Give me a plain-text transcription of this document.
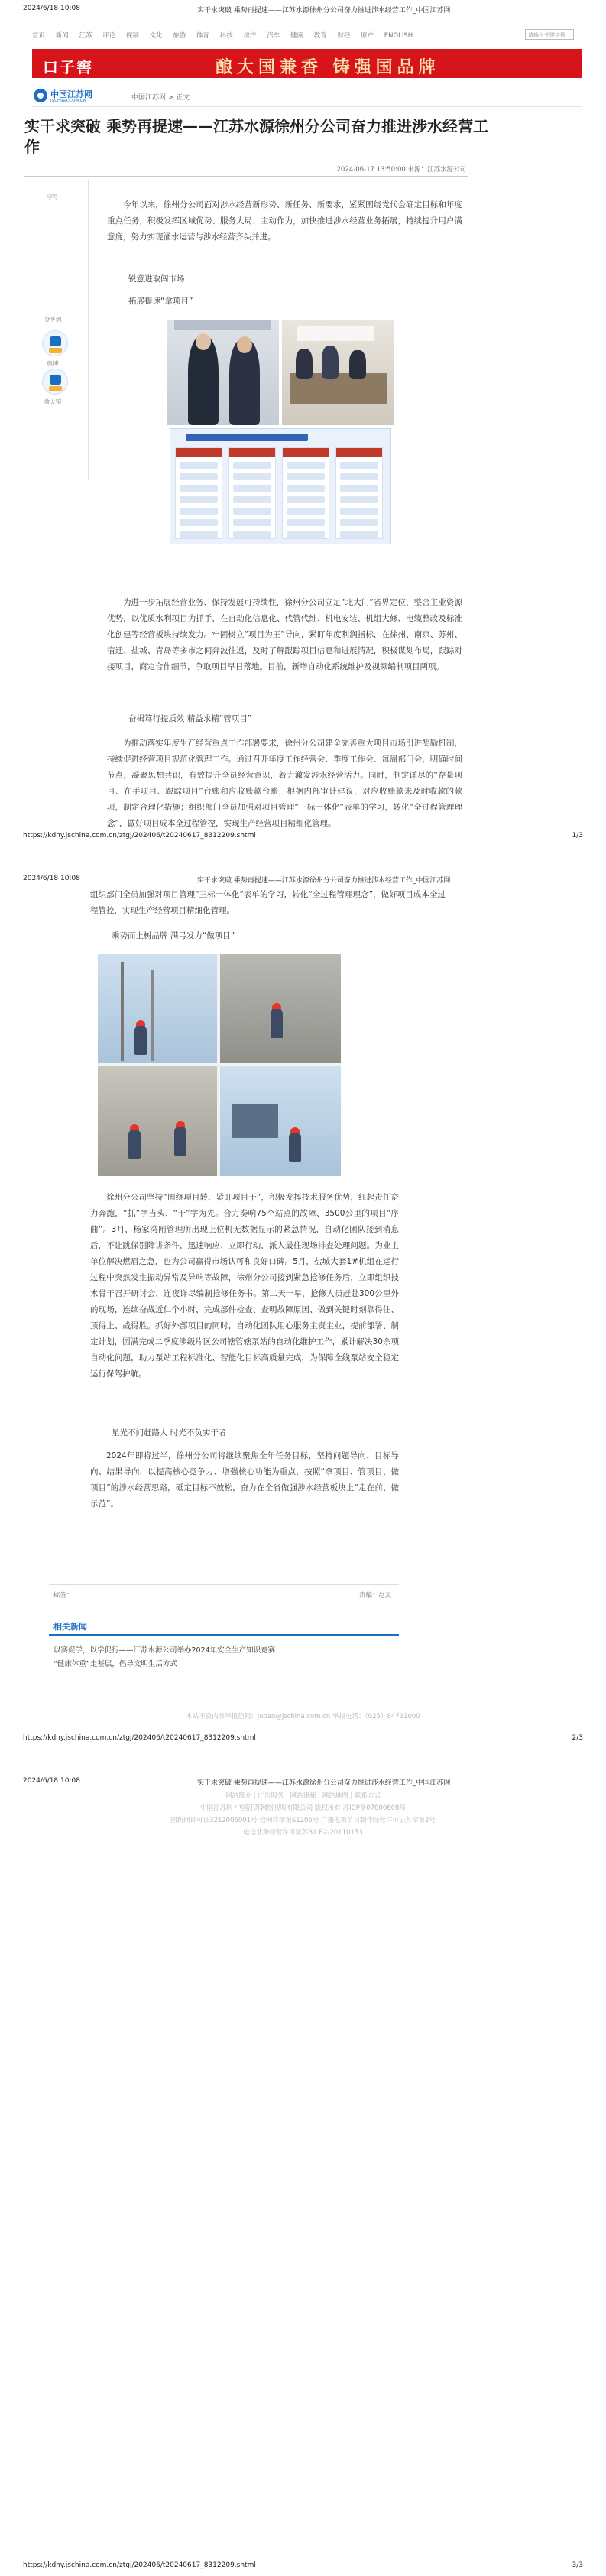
2024/6/18 10:08	实干求突破 乘势再提速——江苏水源徐州分公司奋力推进涉水经营工作_中国江苏网
首页 新闻 江苏 评论 视频 文化 旅游 体育 科技 房产 汽车 健康 教育 财经 原产 ENGLISH	请输入关键字搜
口子窖	酿大国兼香 铸强国品牌
中国江苏网
JSCHINA.COM.CN	中国江苏网 > 正文
实干求突破 乘势再提速——江苏水源徐州分公司奋力推进涉水经营工作
2024-06-17 13:50:00 来源：江苏水源公司
字号
分享到
微博
放大镜

今年以来，徐州分公司面对涉水经营新形势、新任务、新要求，紧紧围绕党代会确定目标和年度重点任务，积极发挥区域优势、服务大局、主动作为，加快推进涉水经营业务拓展，持续提升用户满意度，努力实现涌水运营与涉水经营齐头并进。

锐意进取闯市场
拓展提速“拿项目”

为进一步拓展经营业务、保持发展可持续性，徐州分公司立足“北大门”省界定位，整合主业资源优势，以优质水利项目为抓手，在自动化信息化、代管代维、机电安装、机组大修、电缆整改及标准化创建等经营板块持续发力。牢固树立“项目为王”导向，紧盯年度利润指标，在徐州、南京、苏州、宿迁、盐城、青岛等多市之间奔波往返，及时了解跟踪项目信息和进展情况，积极谋划布局，跟踪对接项目，商定合作细节，争取项目早日落地。目前，新增自动化系统维护及视频编制项目两项。

奋楫笃行提质效 精益求精“管项目”

为推动落实年度生产经营重点工作部署要求，徐州分公司建全完善重大项目市场引进奖励机制，持续促进经营项目规范化管理工作。通过召开年度工作经营会、季度工作会、每周部门会，明确时间节点，凝聚思想共识，有效提升全员经营意识，着力激发涉水经营活力。同时，制定详尽的“存量项目、在手项目、跟踪项目”台账和应收账款台账，根据内部审计建议，对应收账款未及时收款的款项，制定合理化措施；组织部门全员加强对项目管理“三标一体化”表单的学习，转化“全过程管理理念”，做好项目成本全过程管控，实现生产经营项目精细化管理。

https://kdny.jschina.com.cn/ztgj/202406/t20240617_8312209.shtml	1/3
2024/6/18 10:08	实干求突破 乘势再提速——江苏水源徐州分公司奋力推进涉水经营工作_中国江苏网

组织部门全员加强对项目管理“三标一体化”表单的学习，转化“全过程管理理念”，做好项目成本全过程管控，实现生产经营项目精细化管理。

乘势而上树品牌 满弓发力“做项目”

徐州分公司坚持“围绕项目转、紧盯项目干”，积极发挥技术服务优势，红起责任奋力奔跑，“抓”字当头、“干”字为先。合力奏响75个站点的故障、3500公里的项目“序曲”。3月，杨家湾闸管理所出现上位机无数据显示的紧急情况，自动化团队接到消息后，不让跳保别障讲条件，迅速响应、立即行动，派人最往现场排查处理问题。为业主单位解决燃眉之急，也为公司赢得市场认可和良好口碑。5月，盐城大套1#机组在运行过程中突然发生振动异常及异响等故障，徐州分公司接到紧急抢修任务后，立即组织技术骨干召开研讨会，连夜详尽编制抢修任务书。第二天一早，抢修人员赶赴300公里外的现场，连续奋战近仁个小时，完成部件检查、查明故障原因、做到关键时刻靠得住、顶得上、战得胜。抓好外部项目的同时，自动化团队用心服务主责主业，提前部署、制定计划，圆满完成二季度涉级片区公司辖管辖泵站的自动化维护工作，累计解决30余项自动化问题，助力泵站工程标准化、智能化目标高质量完成，为保障全线泵站安全稳定运行保驾护航。

星光不问赶路人 时光不负实干者

2024年即将过半，徐州分公司将继续聚焦全年任务目标，坚持问题导向、目标导向、结果导向，以提高核心竞争力、增强核心功能为重点，按照“拿项目、管项目、做项目”的涉水经营思路，砥定目标不放松，奋力在全省做强涉水经营板块上“走在前、做示范”。

标签：	责编：赵灵
相关新闻
以赛促学，以学促行——江苏水源公司举办2024年安全生产知识竞赛
“健康体重”走基层，倡导文明生活方式
本站不良内容举报信箱：jubao@jschina.com.cn 举报电话：（025）84731000
https://kdny.jschina.com.cn/ztgj/202406/t20240617_8312209.shtml	2/3
2024/6/18 10:08	实干求突破 乘势再提速——江苏水源徐州分公司奋力推进涉水经营工作_中国江苏网
网站简介 | 广告服务 | 网站律师 | 网站地图 | 联系方式
中国江苏网 中国江苏网络视听有限公司 版权所有 苏ICP备07000608号
国新网许可证3212006001号 信网许字第S1205号 广播电视节目制作经营许可证苏字第2号
电信业务经营许可证苏B1.B2-20110153
https://kdny.jschina.com.cn/ztgj/202406/t20240617_8312209.shtml	3/3
